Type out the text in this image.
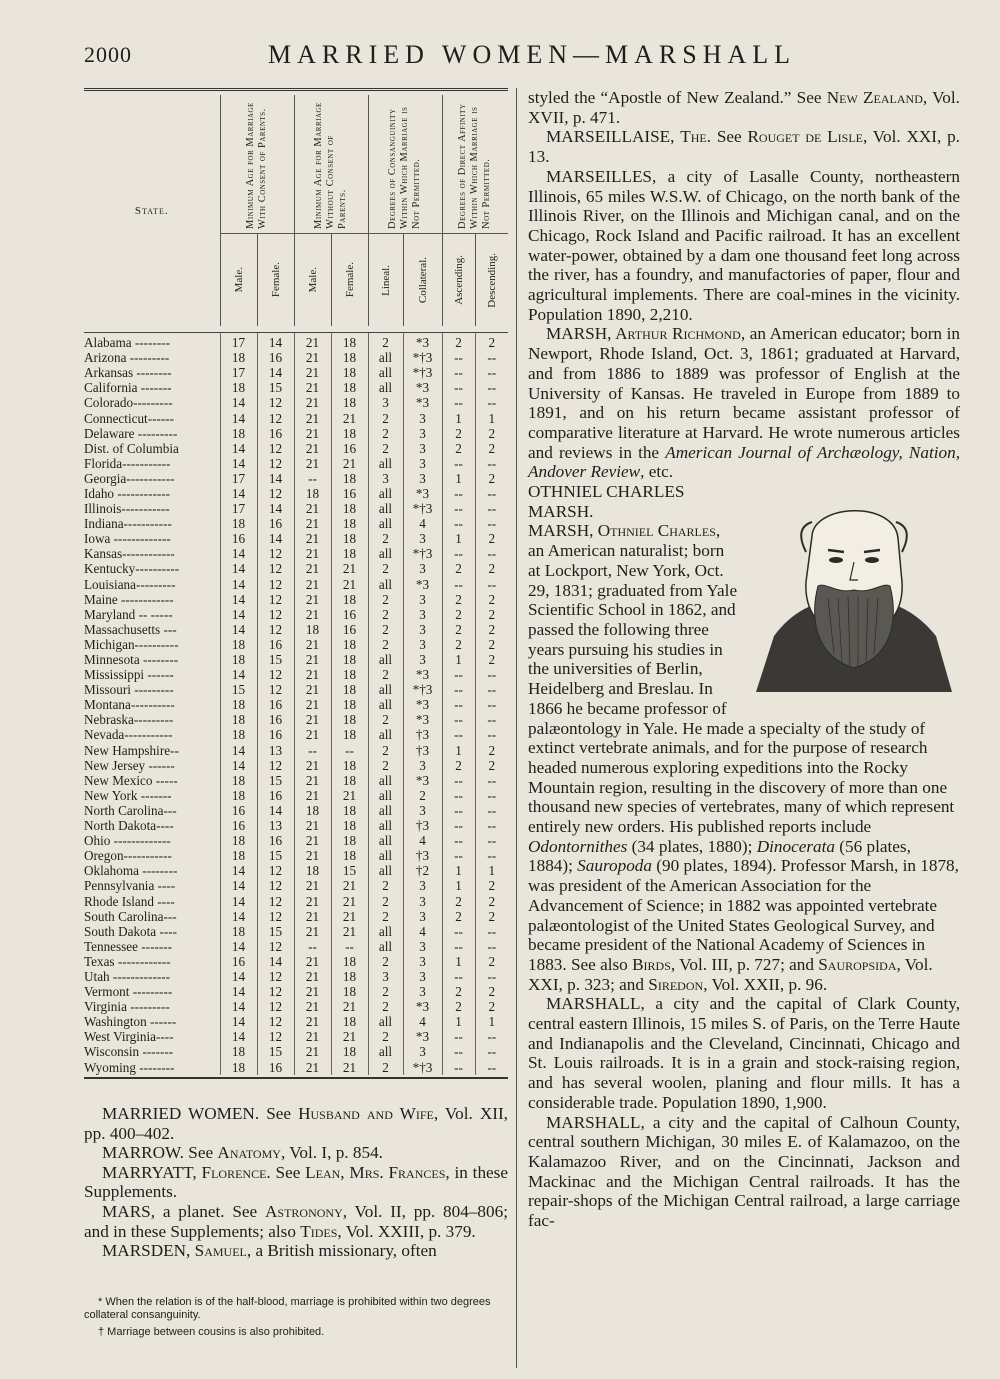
2000	MARRIED WOMEN—MARSHALL
State.	Minimum Age for Marriage With Consent of Parents.		Minimum Age for Marriage Without Consent of Parents.		Degrees of Consanguinity Within Which Marriage is Not Permitted.		Degrees of Direct Affinity Within Which Marriage is Not Permitted.	

	Male.	Female.	Male.	Female.	Lineal.	Collateral.	Ascending.	Descending.

Alabama --------	17	14	21	18	2	*3	2	2
Arizona ---------	18	16	21	18	all	*†3	--	--
Arkansas --------	17	14	21	18	all	*†3	--	--
California -------	18	15	21	18	all	*3	--	--
Colorado---------	14	12	21	18	3	*3	--	--
Connecticut------	14	12	21	21	2	3	1	1
Delaware ---------	18	16	21	18	2	3	2	2
Dist. of Columbia	14	12	21	16	2	3	2	2
Florida-----------	14	12	21	21	all	3	--	--
Georgia-----------	17	14	--	18	3	3	1	2
Idaho ------------	14	12	18	16	all	*3	--	--
Illinois-----------	17	14	21	18	all	*†3	--	--
Indiana-----------	18	16	21	18	all	4	--	--
Iowa -------------	16	14	21	18	2	3	1	2
Kansas------------	14	12	21	18	all	*†3	--	--
Kentucky----------	14	12	21	21	2	3	2	2
Louisiana---------	14	12	21	21	all	*3	--	--
Maine ------------	14	12	21	18	2	3	2	2
Maryland -- -----	14	12	21	16	2	3	2	2
Massachusetts ---	14	12	18	16	2	3	2	2
Michigan----------	18	16	21	18	2	3	2	2
Minnesota --------	18	15	21	18	all	3	1	2
Mississippi ------	14	12	21	18	2	*3	--	--
Missouri ---------	15	12	21	18	all	*†3	--	--
Montana----------	18	16	21	18	all	*3	--	--
Nebraska---------	18	16	21	18	2	*3	--	--
Nevada-----------	18	16	21	18	all	†3	--	--
New Hampshire--	14	13	--	--	2	†3	1	2
New Jersey ------	14	12	21	18	2	3	2	2
New Mexico -----	18	15	21	18	all	*3	--	--
New York -------	18	16	21	21	all	2	--	--
North Carolina---	16	14	18	18	all	3	--	--
North Dakota----	16	13	21	18	all	†3	--	--
Ohio -------------	18	16	21	18	all	4	--	--
Oregon-----------	18	15	21	18	all	†3	--	--
Oklahoma --------	14	12	18	15	all	†2	1	1
Pennsylvania ----	14	12	21	21	2	3	1	2
Rhode Island ----	14	12	21	21	2	3	2	2
South Carolina---	14	12	21	21	2	3	2	2
South Dakota ----	18	15	21	21	all	4	--	--
Tennessee -------	14	12	--	--	all	3	--	--
Texas ------------	16	14	21	18	2	3	1	2
Utah -------------	14	12	21	18	3	3	--	--
Vermont ---------	14	12	21	18	2	3	2	2
Virginia ---------	14	12	21	21	2	*3	2	2
Washington ------	14	12	21	18	all	4	1	1
West Virginia----	14	12	21	21	2	*3	--	--
Wisconsin -------	18	15	21	18	all	3	--	--
Wyoming --------	18	16	21	21	2	*†3	--	--

MARRIED WOMEN. See Husband and Wife, Vol. XII, pp. 400–402.

MARROW. See Anatomy, Vol. I, p. 854.

MARRYATT, Florence. See Lean, Mrs. Frances, in these Supplements.

MARS, a planet. See Astronony, Vol. II, pp. 804–806; and in these Supplements; also Tides, Vol. XXIII, p. 379.

MARSDEN, Samuel, a British missionary, often

* When the relation is of the half-blood, marriage is prohibited within two degrees collateral consanguinity.

† Marriage between cousins is also prohibited.

styled the “Apostle of New Zealand.” See New Zealand, Vol. XVII, p. 471.

MARSEILLAISE, The. See Rouget de Lisle, Vol. XXI, p. 13.

MARSEILLES, a city of Lasalle County, northeastern Illinois, 65 miles W.S.W. of Chicago, on the north bank of the Illinois River, on the Illinois and Michigan canal, and on the Chicago, Rock Island and Pacific railroad. It has an excellent water-power, obtained by a dam one thousand feet long across the river, has a foundry, and manufactories of paper, flour and agricultural implements. There are coal-mines in the vicinity. Population 1890, 2,210.

MARSH, Arthur Richmond, an American educator; born in Newport, Rhode Island, Oct. 3, 1861; graduated at Harvard, and from 1886 to 1889 was professor of English at the University of Kansas. He traveled in Europe from 1889 to 1891, and on his return became assistant professor of comparative literature at Harvard. He wrote numerous articles and reviews in the American Journal of Archæology, Nation, Andover Review, etc.

OTHNIEL CHARLES MARSH.
MARSH, Othniel Charles, an American naturalist; born at Lockport, New York, Oct. 29, 1831; graduated from Yale Scientific School in 1862, and passed the following three years pursuing his studies in the universities of Berlin, Heidelberg and Breslau. In 1866 he became professor of palæontology in Yale. He made a specialty of the study of extinct vertebrate animals, and for the purpose of research headed numerous exploring expeditions into the Rocky Mountain region, resulting in the discovery of more than one thousand new species of vertebrates, many of which represent entirely new orders. His published reports include Odontornithes (34 plates, 1880); Dinocerata (56 plates, 1884); Sauropoda (90 plates, 1894). Professor Marsh, in 1878, was president of the American Association for the Advancement of Science; in 1882 was appointed vertebrate palæontologist of the United States Geological Survey, and became president of the National Academy of Sciences in 1883. See also Birds, Vol. III, p. 727; and Sauropsida, Vol. XXI, p. 323; and Siredon, Vol. XXII, p. 96.

MARSHALL, a city and the capital of Clark County, central eastern Illinois, 15 miles S. of Paris, on the Terre Haute and Indianapolis and the Cleveland, Cincinnati, Chicago and St. Louis railroads. It is in a grain and stock-raising region, and has several woolen, planing and flour mills. It has a considerable trade. Population 1890, 1,900.

MARSHALL, a city and the capital of Calhoun County, central southern Michigan, 30 miles E. of Kalamazoo, on the Kalamazoo River, and on the Cincinnati, Jackson and Mackinac and the Michigan Central railroads. It has the repair-shops of the Michigan Central railroad, a large carriage fac-
